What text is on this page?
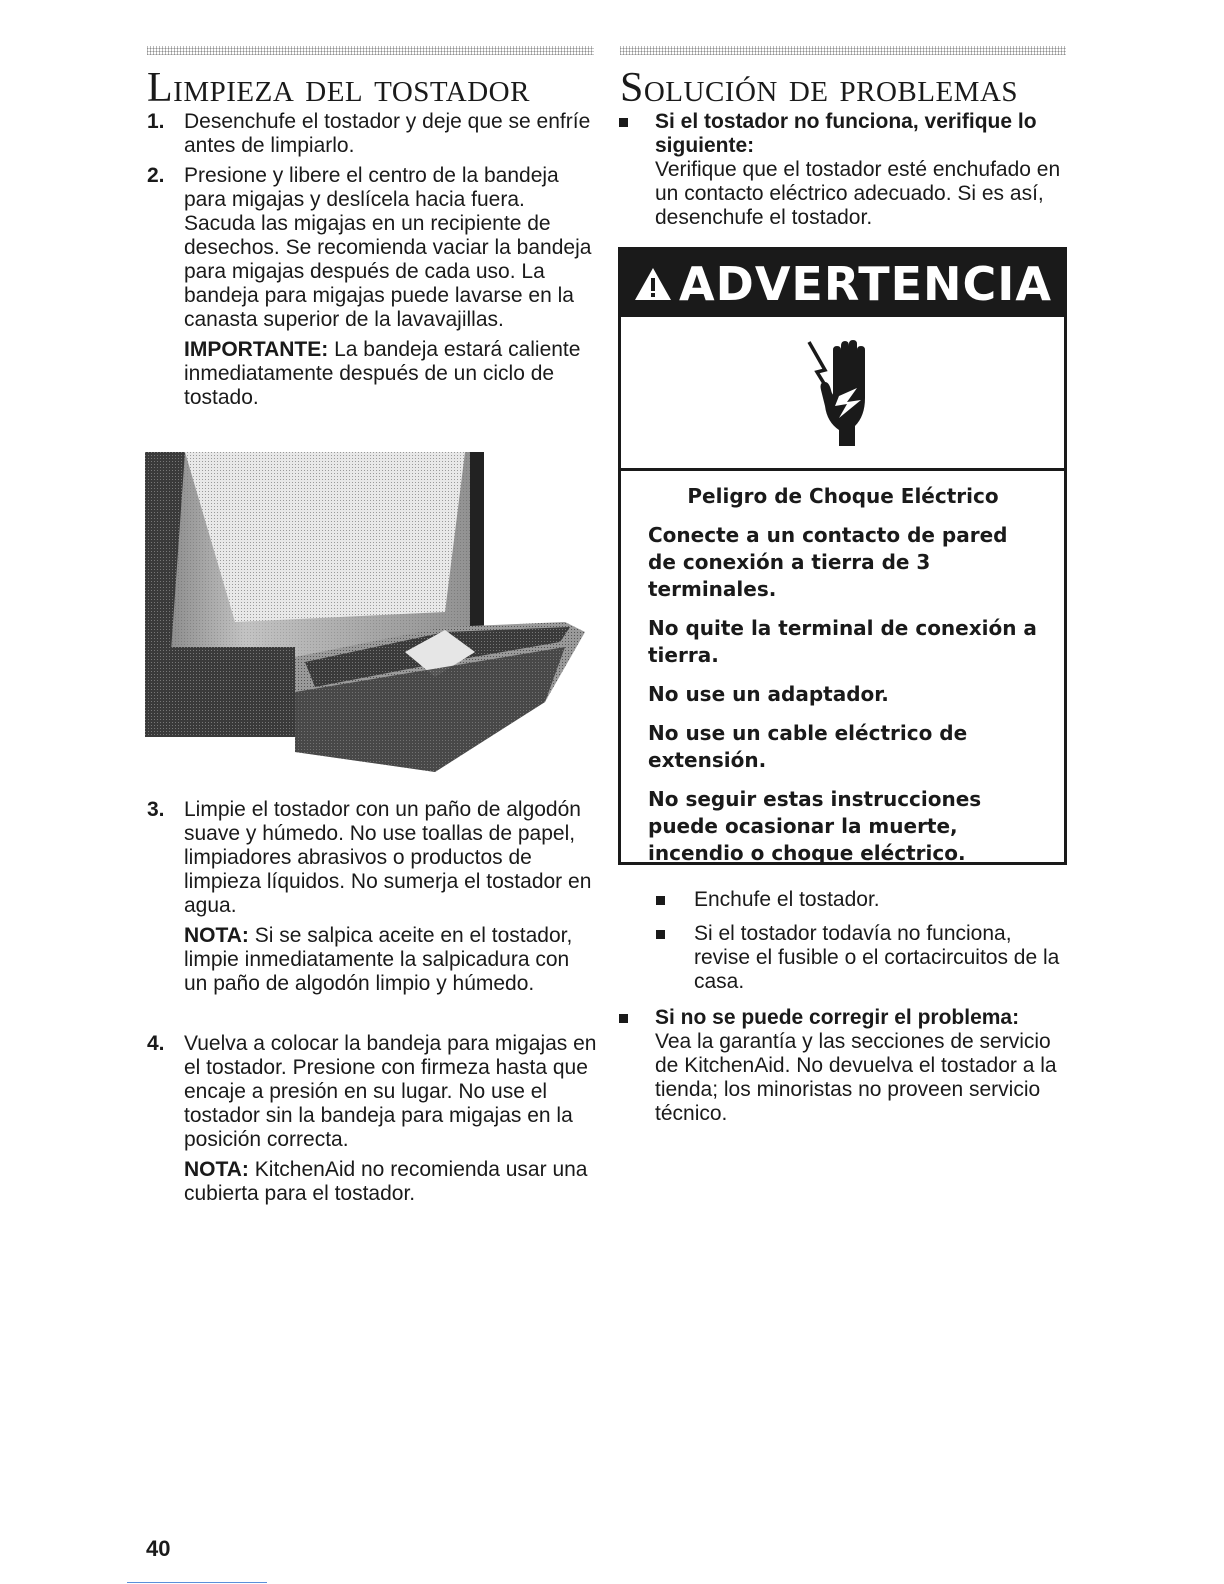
Limpieza del tostador Solución de problemas
1. Desenchufe el tostador y deje que se enfríe antes de limpiarlo.
2. Presione y libere el centro de la bandeja para migajas y deslícela hacia fuera. Sacuda las migajas en un recipiente de desechos. Se recomienda vaciar la bandeja para migajas después de cada uso. La bandeja para migajas puede lavarse en la canasta superior de la lavavajillas.

IMPORTANTE: La bandeja estará caliente inmediatamente después de un ciclo de tostado.

3. Limpie el tostador con un paño de algodón suave y húmedo. No use toallas de papel, limpiadores abrasivos o productos de limpieza líquidos. No sumerja el tostador en agua.

NOTA: Si se salpica aceite en el tostador, limpie inmediatamente la salpicadura con un paño de algodón limpio y húmedo.

4. Vuelva a colocar la bandeja para migajas en el tostador. Presione con firmeza hasta que encaje a presión en su lugar. No use el tostador sin la bandeja para migajas en la posición correcta.

NOTA: KitchenAid no recomienda usar una cubierta para el tostador.

Si el tostador no funciona, verifique lo siguiente:
Verifique que el tostador esté enchufado en un contacto eléctrico adecuado. Si es así, desenchufe el tostador.
ADVERTENCIA
Peligro de Choque Eléctrico

Conecte a un contacto de pared de conexión a tierra de 3 terminales.

No quite la terminal de conexión a tierra.

No use un adaptador.

No use un cable eléctrico de extensión.

No seguir estas instrucciones puede ocasionar la muerte, incendio o choque eléctrico.

Enchufe el tostador.
Si el tostador todavía no funciona, revise el fusible o el cortacircuitos de la casa.
Si no se puede corregir el problema:
Vea la garantía y las secciones de servicio de KitchenAid. No devuelva el tostador a la tienda; los minoristas no proveen servicio técnico.
40
